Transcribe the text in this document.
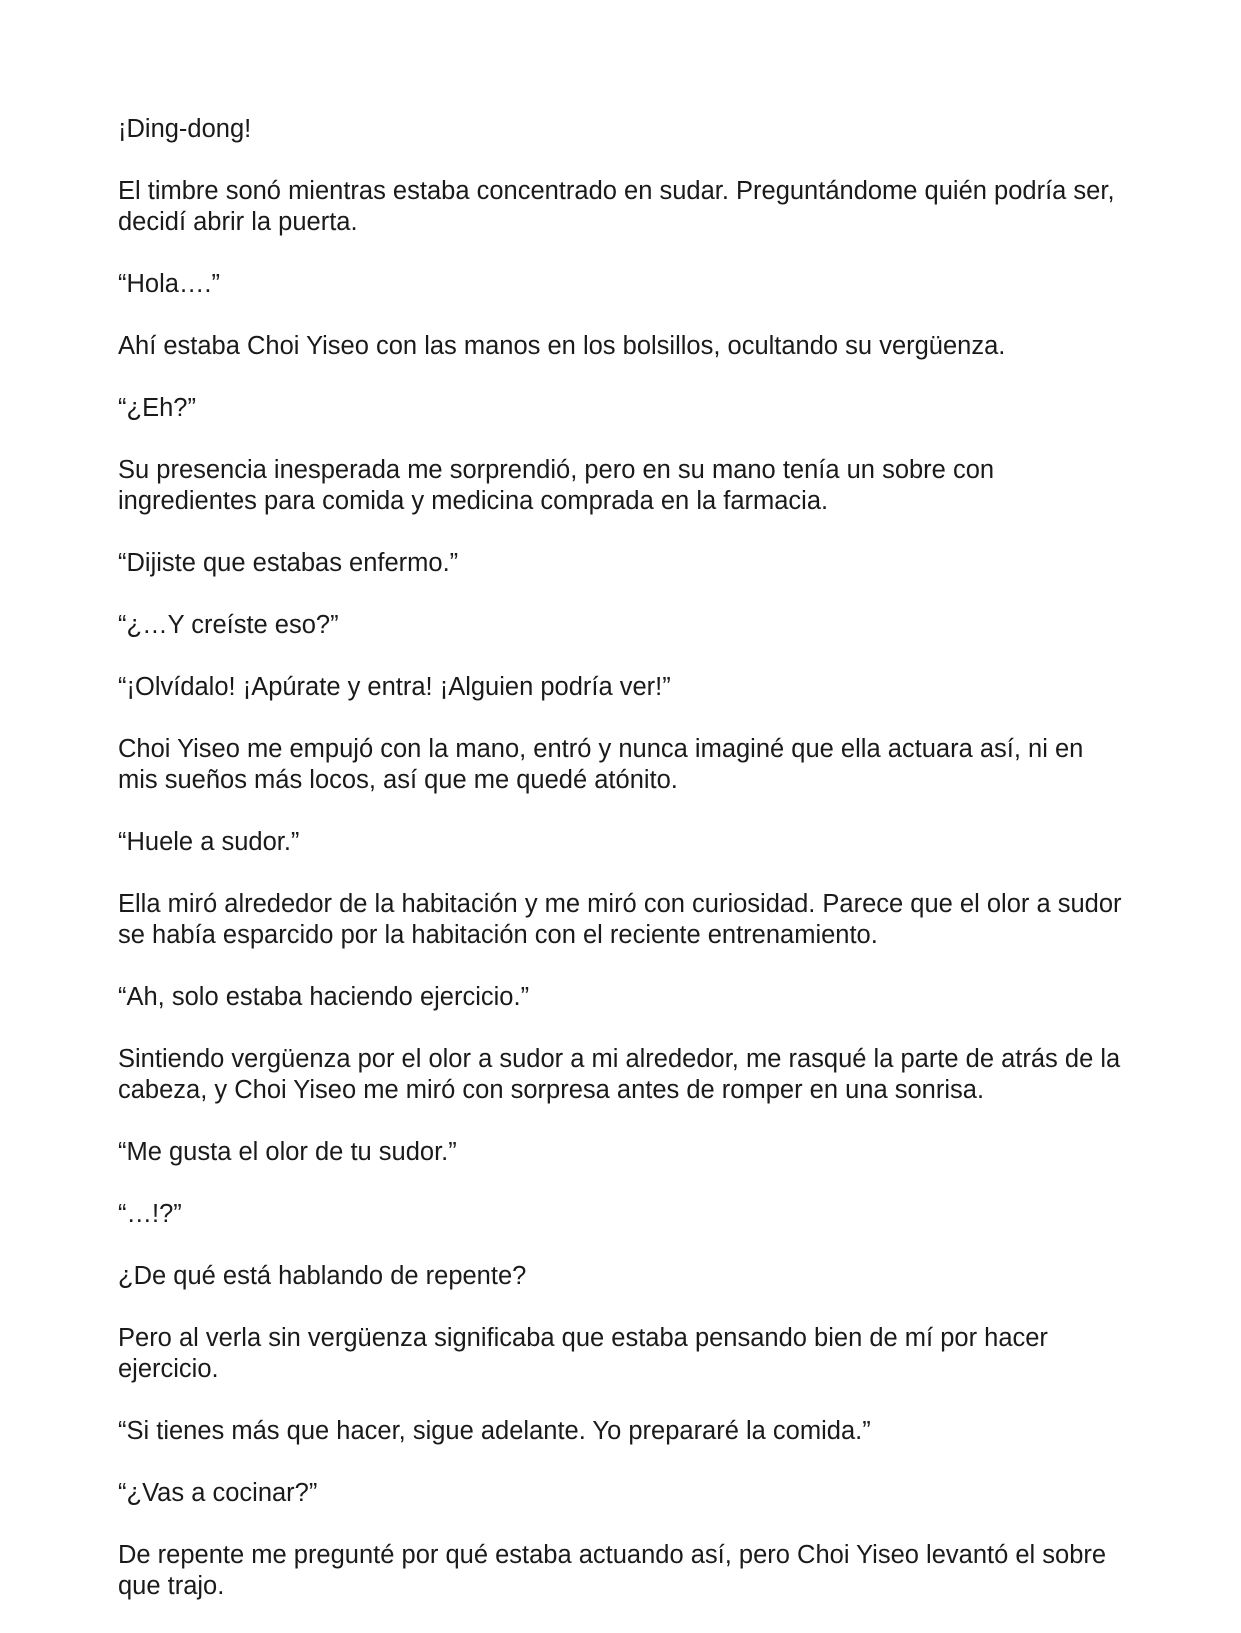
¡Ding-dong!

El timbre sonó mientras estaba concentrado en sudar. Preguntándome quién podría ser, decidí abrir la puerta.

“Hola….”

Ahí estaba Choi Yiseo con las manos en los bolsillos, ocultando su vergüenza.

“¿Eh?”

Su presencia inesperada me sorprendió, pero en su mano tenía un sobre con ingredientes para comida y medicina comprada en la farmacia.

“Dijiste que estabas enfermo.”

“¿…Y creíste eso?”

“¡Olvídalo! ¡Apúrate y entra! ¡Alguien podría ver!”

Choi Yiseo me empujó con la mano, entró y nunca imaginé que ella actuara así, ni en mis sueños más locos, así que me quedé atónito.

“Huele a sudor.”

Ella miró alrededor de la habitación y me miró con curiosidad. Parece que el olor a sudor se había esparcido por la habitación con el reciente entrenamiento.

“Ah, solo estaba haciendo ejercicio.”

Sintiendo vergüenza por el olor a sudor a mi alrededor, me rasqué la parte de atrás de la cabeza, y Choi Yiseo me miró con sorpresa antes de romper en una sonrisa.

“Me gusta el olor de tu sudor.”

“…!?”

¿De qué está hablando de repente?

Pero al verla sin vergüenza significaba que estaba pensando bien de mí por hacer ejercicio.

“Si tienes más que hacer, sigue adelante. Yo prepararé la comida.”

“¿Vas a cocinar?”

De repente me pregunté por qué estaba actuando así, pero Choi Yiseo levantó el sobre que trajo.
